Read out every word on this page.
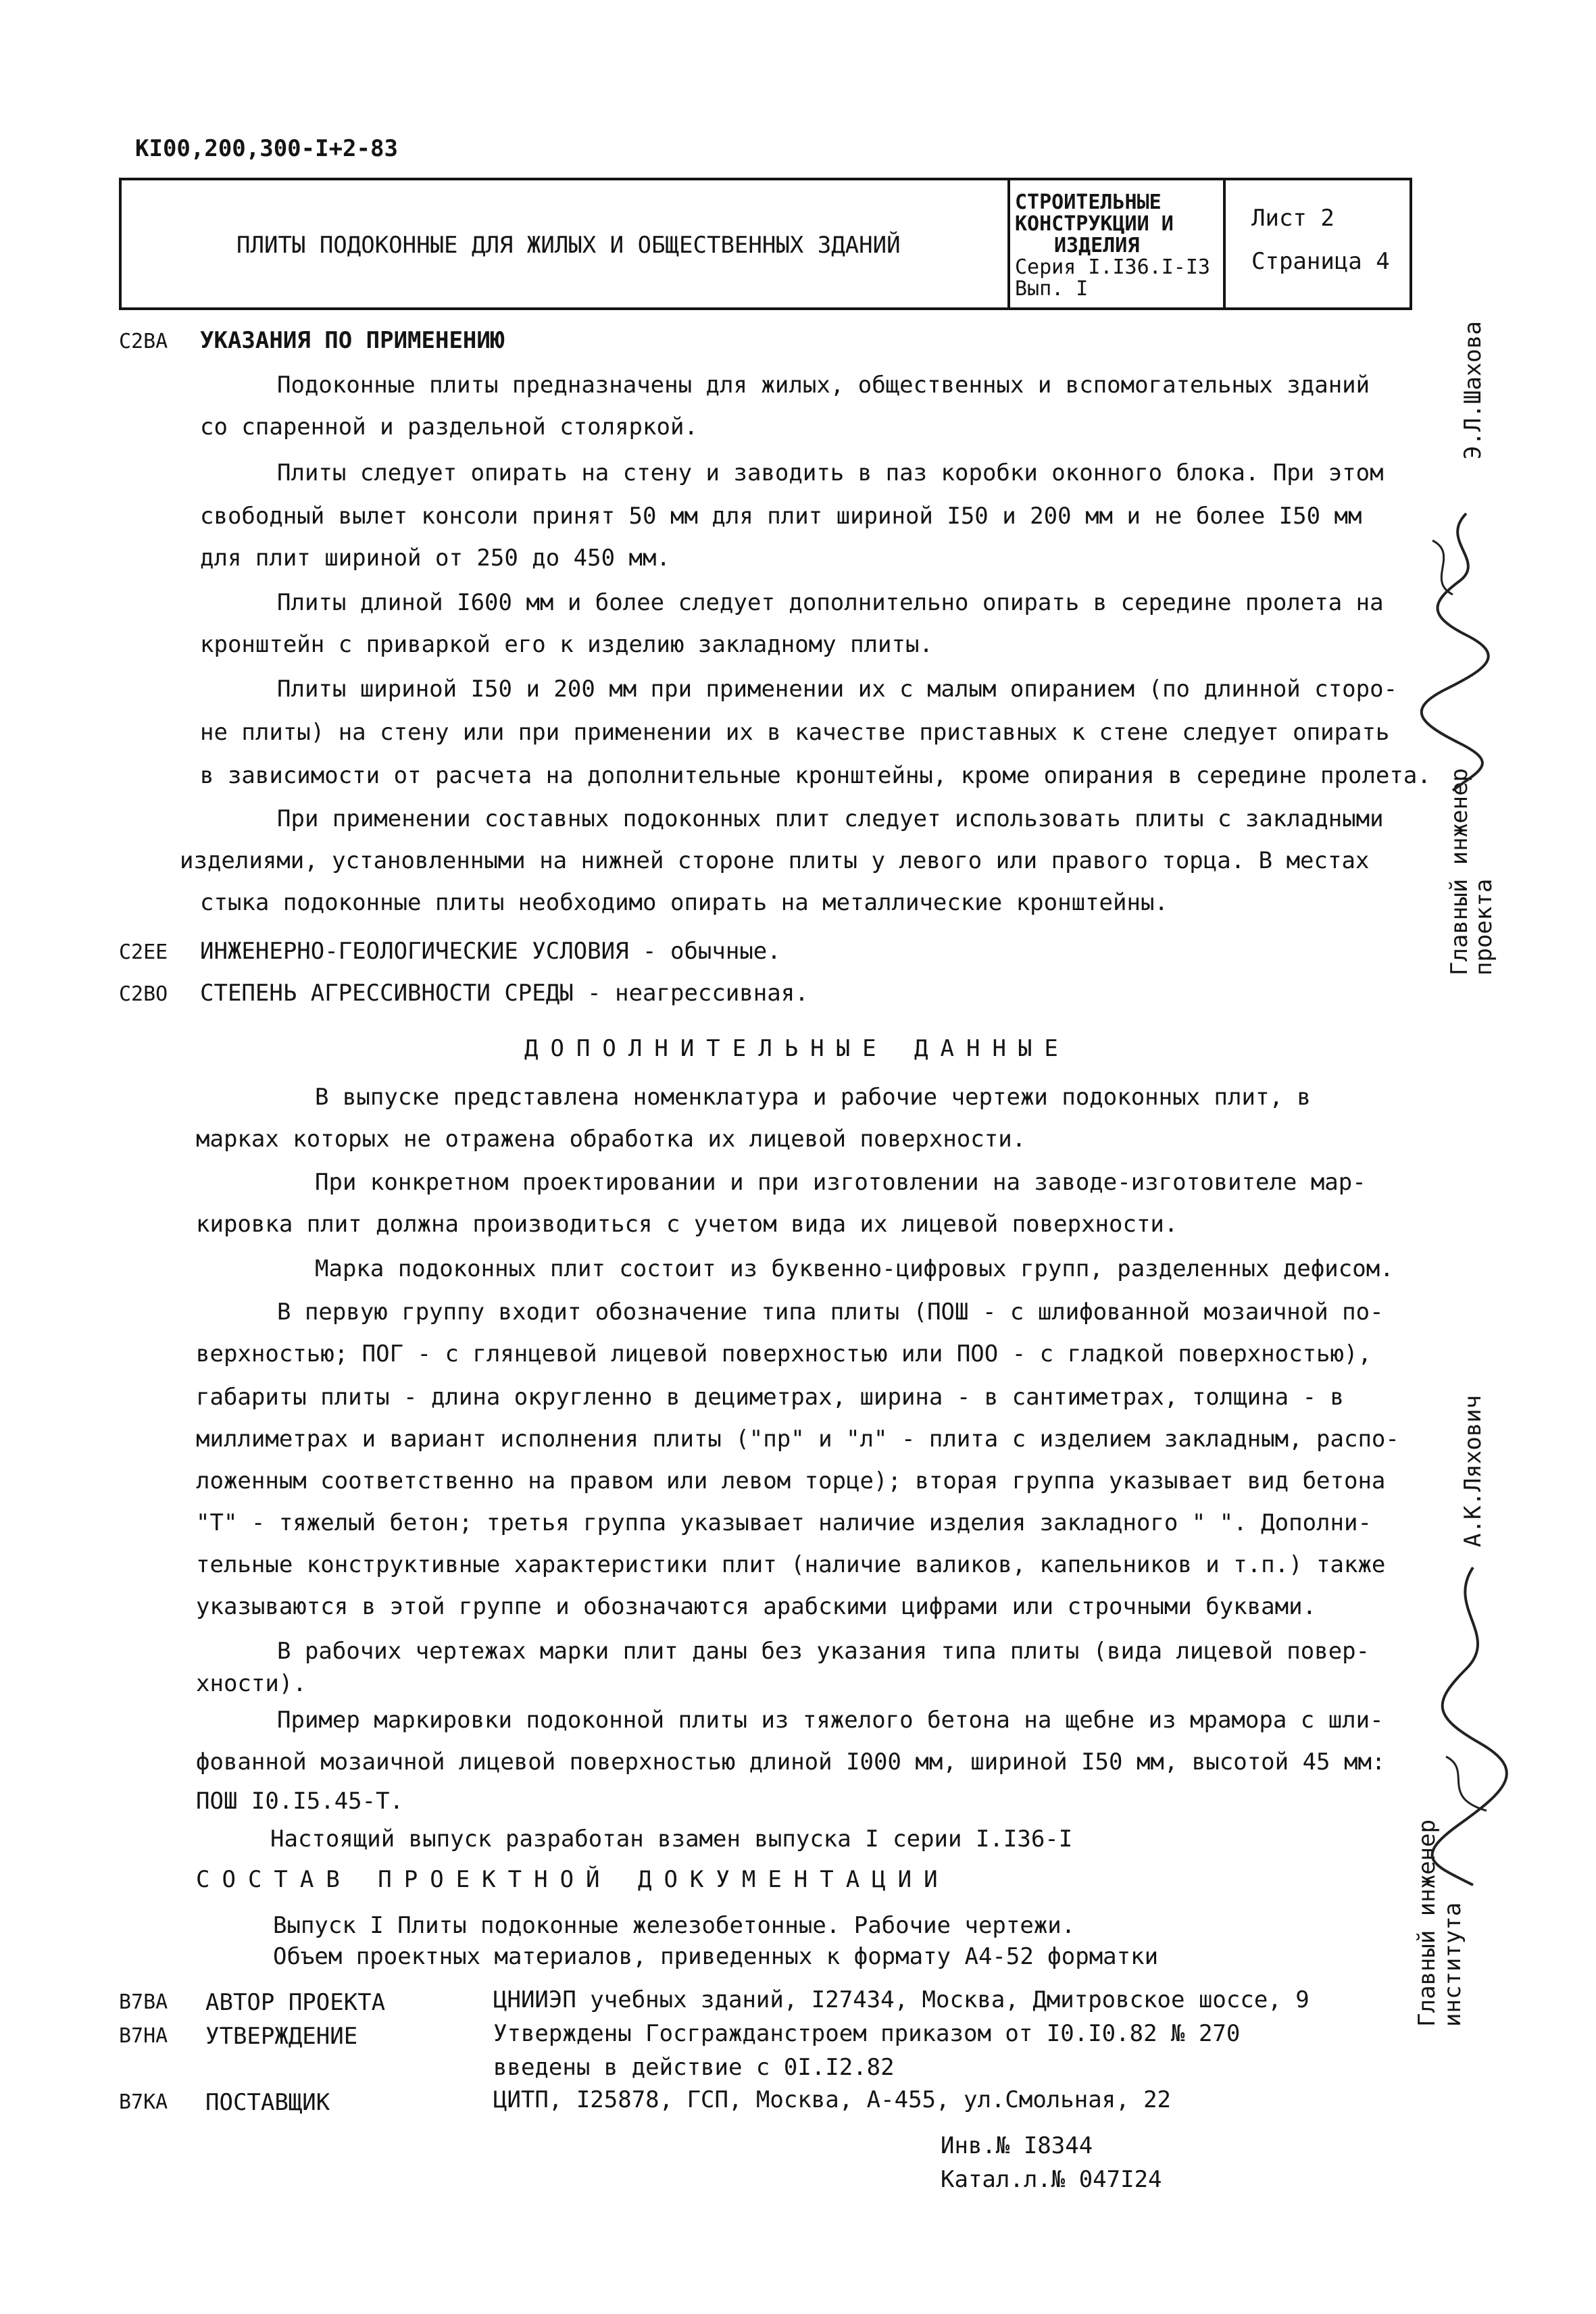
КI00,200,300-I+2-83
ПЛИТЫ ПОДОКОННЫЕ ДЛЯ ЖИЛЫХ И ОБЩЕСТВЕННЫХ ЗДАНИЙ
СТРОИТЕЛЬНЫЕ
КОНСТРУКЦИИ И
ИЗДЕЛИЯ
Серия I.I36.I-I3
Вып. I
Лист 2
Страница 4
С2ВА УКАЗАНИЯ ПО ПРИМЕНЕНИЮ
Подоконные плиты предназначены для жилых, общественных и вспомогательных зданий
со спаренной и раздельной столяркой.
Плиты следует опирать на стену и заводить в паз коробки оконного блока. При этом
свободный вылет консоли принят 50 мм для плит шириной I50 и 200 мм и не более I50 мм
для плит шириной от 250 до 450 мм.
Плиты длиной I600 мм и более следует дополнительно опирать в середине пролета на
кронштейн с приваркой его к изделию закладному плиты.
Плиты шириной I50 и 200 мм при применении их с малым опиранием (по длинной сторо-
не плиты) на стену или при применении их в качестве приставных к стене следует опирать
в зависимости от расчета на дополнительные кронштейны, кроме опирания в середине пролета.
При применении составных подоконных плит следует использовать плиты с закладными
изделиями, установленными на нижней стороне плиты у левого или правого торца. В местах
стыка подоконные плиты необходимо опирать на металлические кронштейны.
С2ЕЕ ИНЖЕНЕРНО-ГЕОЛОГИЧЕСКИЕ УСЛОВИЯ - обычные.
С2ВО СТЕПЕНЬ АГРЕССИВНОСТИ СРЕДЫ - неагрессивная.
ДОПОЛНИТЕЛЬНЫЕ ДАННЫЕ
В выпуске представлена номенклатура и рабочие чертежи подоконных плит, в
марках которых не отражена обработка их лицевой поверхности.
При конкретном проектировании и при изготовлении на заводе-изготовителе мар-
кировка плит должна производиться с учетом вида их лицевой поверхности.
Марка подоконных плит состоит из буквенно-цифровых групп, разделенных дефисом.
В первую группу входит обозначение типа плиты (ПОШ - с шлифованной мозаичной по-
верхностью; ПОГ - с глянцевой лицевой поверхностью или ПОО - с гладкой поверхностью),
габариты плиты - длина округленно в дециметрах, ширина - в сантиметрах, толщина - в
миллиметрах и вариант исполнения плиты ("пр" и "л" - плита с изделием закладным, распо-
ложенным соответственно на правом или левом торце); вторая группа указывает вид бетона
"Т" - тяжелый бетон; третья группа указывает наличие изделия закладного " ". Дополни-
тельные конструктивные характеристики плит (наличие валиков, капельников и т.п.) также
указываются в этой группе и обозначаются арабскими цифрами или строчными буквами.
В рабочих чертежах марки плит даны без указания типа плиты (вида лицевой повер-
хности).
Пример маркировки подоконной плиты из тяжелого бетона на щебне из мрамора с шли-
фованной мозаичной лицевой поверхностью длиной I000 мм, шириной I50 мм, высотой 45 мм:
ПОШ I0.I5.45-Т.
Настоящий выпуск разработан взамен выпуска I серии I.I36-I
СОСТАВ ПРОЕКТНОЙ ДОКУМЕНТАЦИИ
Выпуск I Плиты подоконные железобетонные. Рабочие чертежи.
Объем проектных материалов, приведенных к формату А4-52 форматки
В7ВА АВТОР ПРОЕКТА	ЦНИИЭП учебных зданий, I27434, Москва, Дмитровское шоссе, 9
В7НА УТВЕРЖДЕНИЕ	Утверждены Госгражданстроем приказом от I0.I0.82 № 270
введены в действие с 0I.I2.82
В7КА ПОСТАВЩИК	ЦИТП, I25878, ГСП, Москва, А-455, ул.Смольная, 22
Инв.№ I8344
Катал.л.№ 047I24
Главный инженер
проекта
Э.Л.Шахова
Главный инженер
института
А.К.Ляхович
